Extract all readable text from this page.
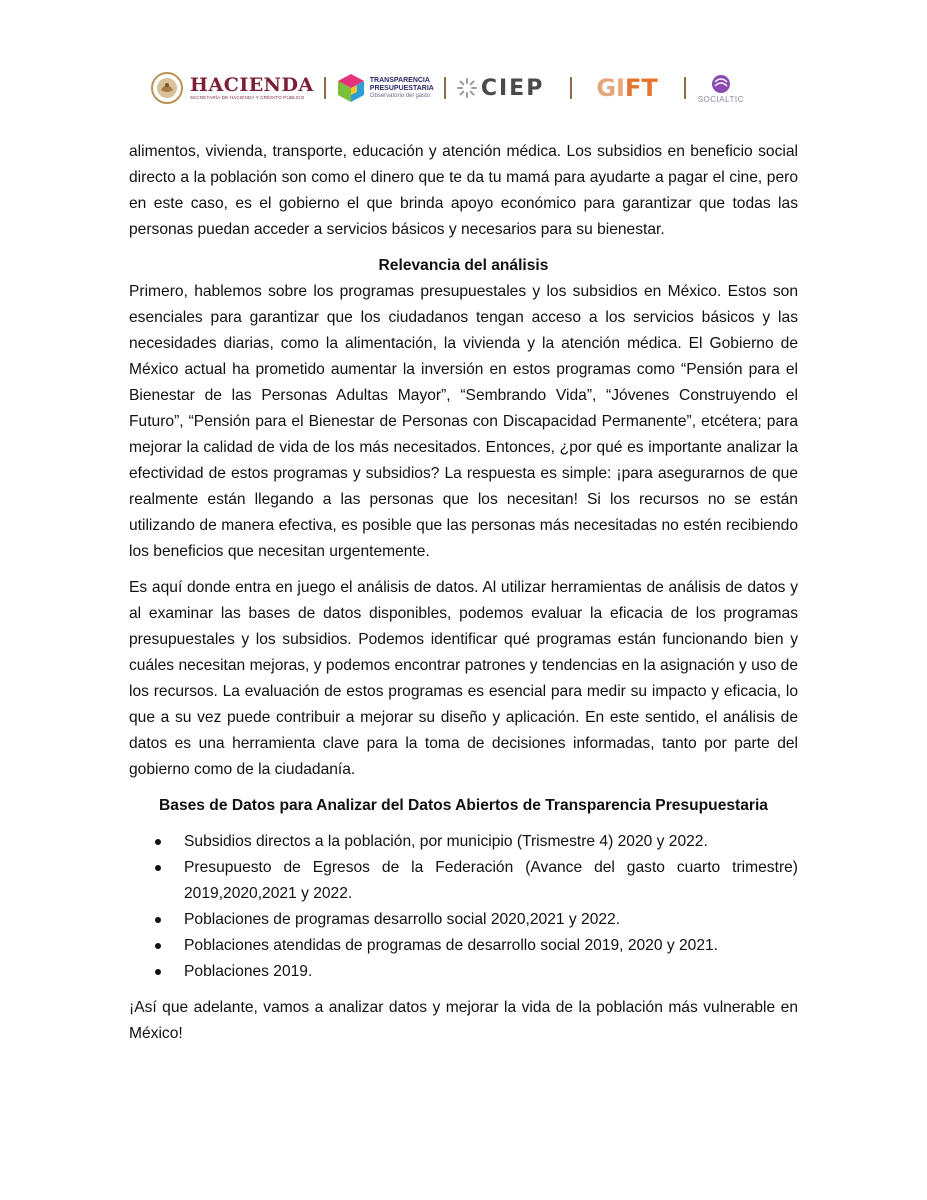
HACIENDA
SECRETARÍA DE HACIENDA Y CRÉDITO PÚBLICO
TRANSPARENCIA
PRESUPUESTARIA
Observatorio del gasto CIEP GI FT	SOCIALTIC

alimentos, vivienda, transporte, educación y atención médica. Los subsidios en beneficio social directo a la población son como el dinero que te da tu mamá para ayudarte a pagar el cine, pero en este caso, es el gobierno el que brinda apoyo económico para garantizar que todas las personas puedan acceder a servicios básicos y necesarios para su bienestar.

Relevancia del análisis

Primero, hablemos sobre los programas presupuestales y los subsidios en México. Estos son esenciales para garantizar que los ciudadanos tengan acceso a los servicios básicos y las necesidades diarias, como la alimentación, la vivienda y la atención médica. El Gobierno de México actual ha prometido aumentar la inversión en estos programas como “Pensión para el Bienestar de las Personas Adultas Mayor”, “Sembrando Vida”, “Jóvenes Construyendo el Futuro”, “Pensión para el Bienestar de Personas con Discapacidad Permanente”, etcétera; para mejorar la calidad de vida de los más necesitados. Entonces, ¿por qué es importante analizar la efectividad de estos programas y subsidios? La respuesta es simple: ¡para asegurarnos de que realmente están llegando a las personas que los necesitan! Si los recursos no se están utilizando de manera efectiva, es posible que las personas más necesitadas no estén recibiendo los beneficios que necesitan urgentemente.

Es aquí donde entra en juego el análisis de datos. Al utilizar herramientas de análisis de datos y al examinar las bases de datos disponibles, podemos evaluar la eficacia de los programas presupuestales y los subsidios. Podemos identificar qué programas están funcionando bien y cuáles necesitan mejoras, y podemos encontrar patrones y tendencias en la asignación y uso de los recursos. La evaluación de estos programas es esencial para medir su impacto y eficacia, lo que a su vez puede contribuir a mejorar su diseño y aplicación. En este sentido, el análisis de datos es una herramienta clave para la toma de decisiones informadas, tanto por parte del gobierno como de la ciudadanía.

Bases de Datos para Analizar del Datos Abiertos de Transparencia Presupuestaria
Subsidios directos a la población, por municipio (Trismestre 4) 2020 y 2022.
Presupuesto de Egresos de la Federación (Avance del gasto cuarto trimestre) 2019,2020,2021 y 2022.
Poblaciones de programas desarrollo social 2020,2021 y 2022.
Poblaciones atendidas de programas de desarrollo social 2019, 2020 y 2021.
Poblaciones 2019.

¡Así que adelante, vamos a analizar datos y mejorar la vida de la población más vulnerable en México!
